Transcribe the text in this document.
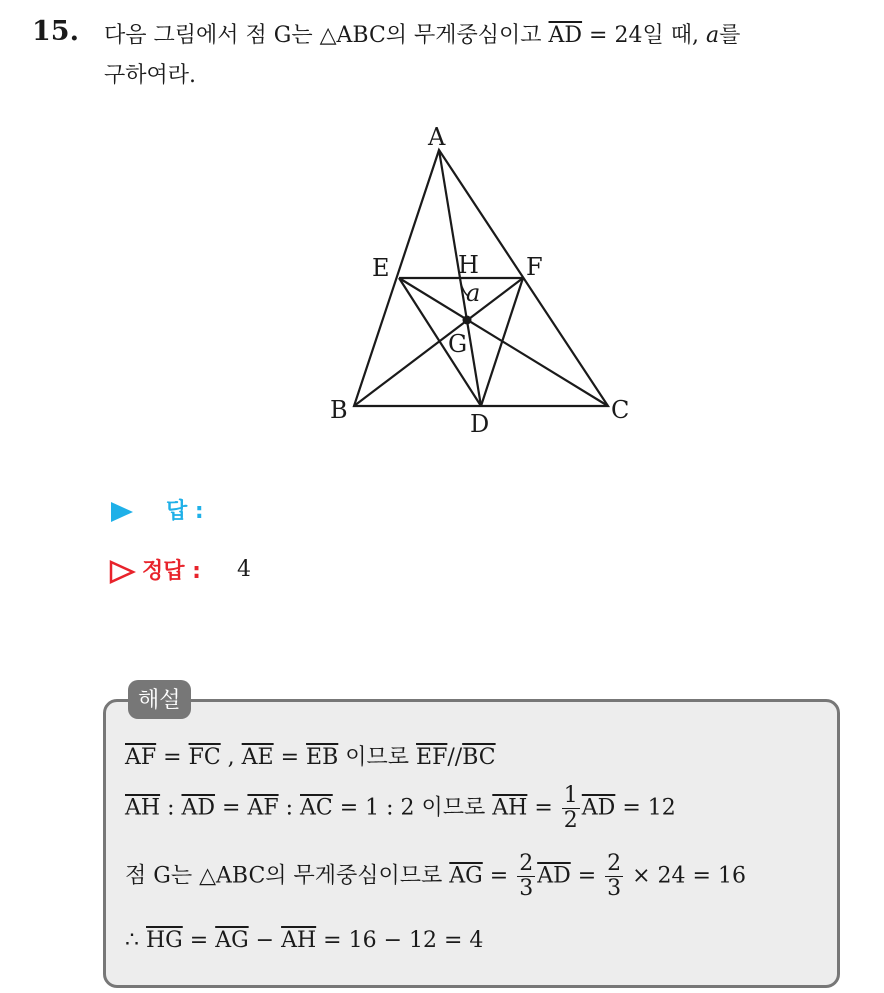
15. 다음 그림에서 점 G는 △ABC의 무게중심이고 $\overline{AD} = 24$일 때, a를
구하여라.
A
B	C
D
E	F
G
H
a
답 :
정답 : 4
해설
$\overline{AF} = \overline{FC}$ , $\overline{AE} = \overline{EB}$ 이므로 $\overline{EF}//\overline{BC}$
$\overline{AH}$ : $\overline{AD} = \overline{AF}$ : $\overline{AC} = 1$ : 2 이므로 $\overline{AH} = \frac{1}{2} \overline{AD} = 12$
점 G는 △ABC의 무게중심이므로 $\overline{AG} = \frac{2}{3} \overline{AD} = \frac{2}{3} \times 24 = 16$
∴ $\overline{HG} = \overline{AG} - \overline{AH} = 16 - 12 = 4$
